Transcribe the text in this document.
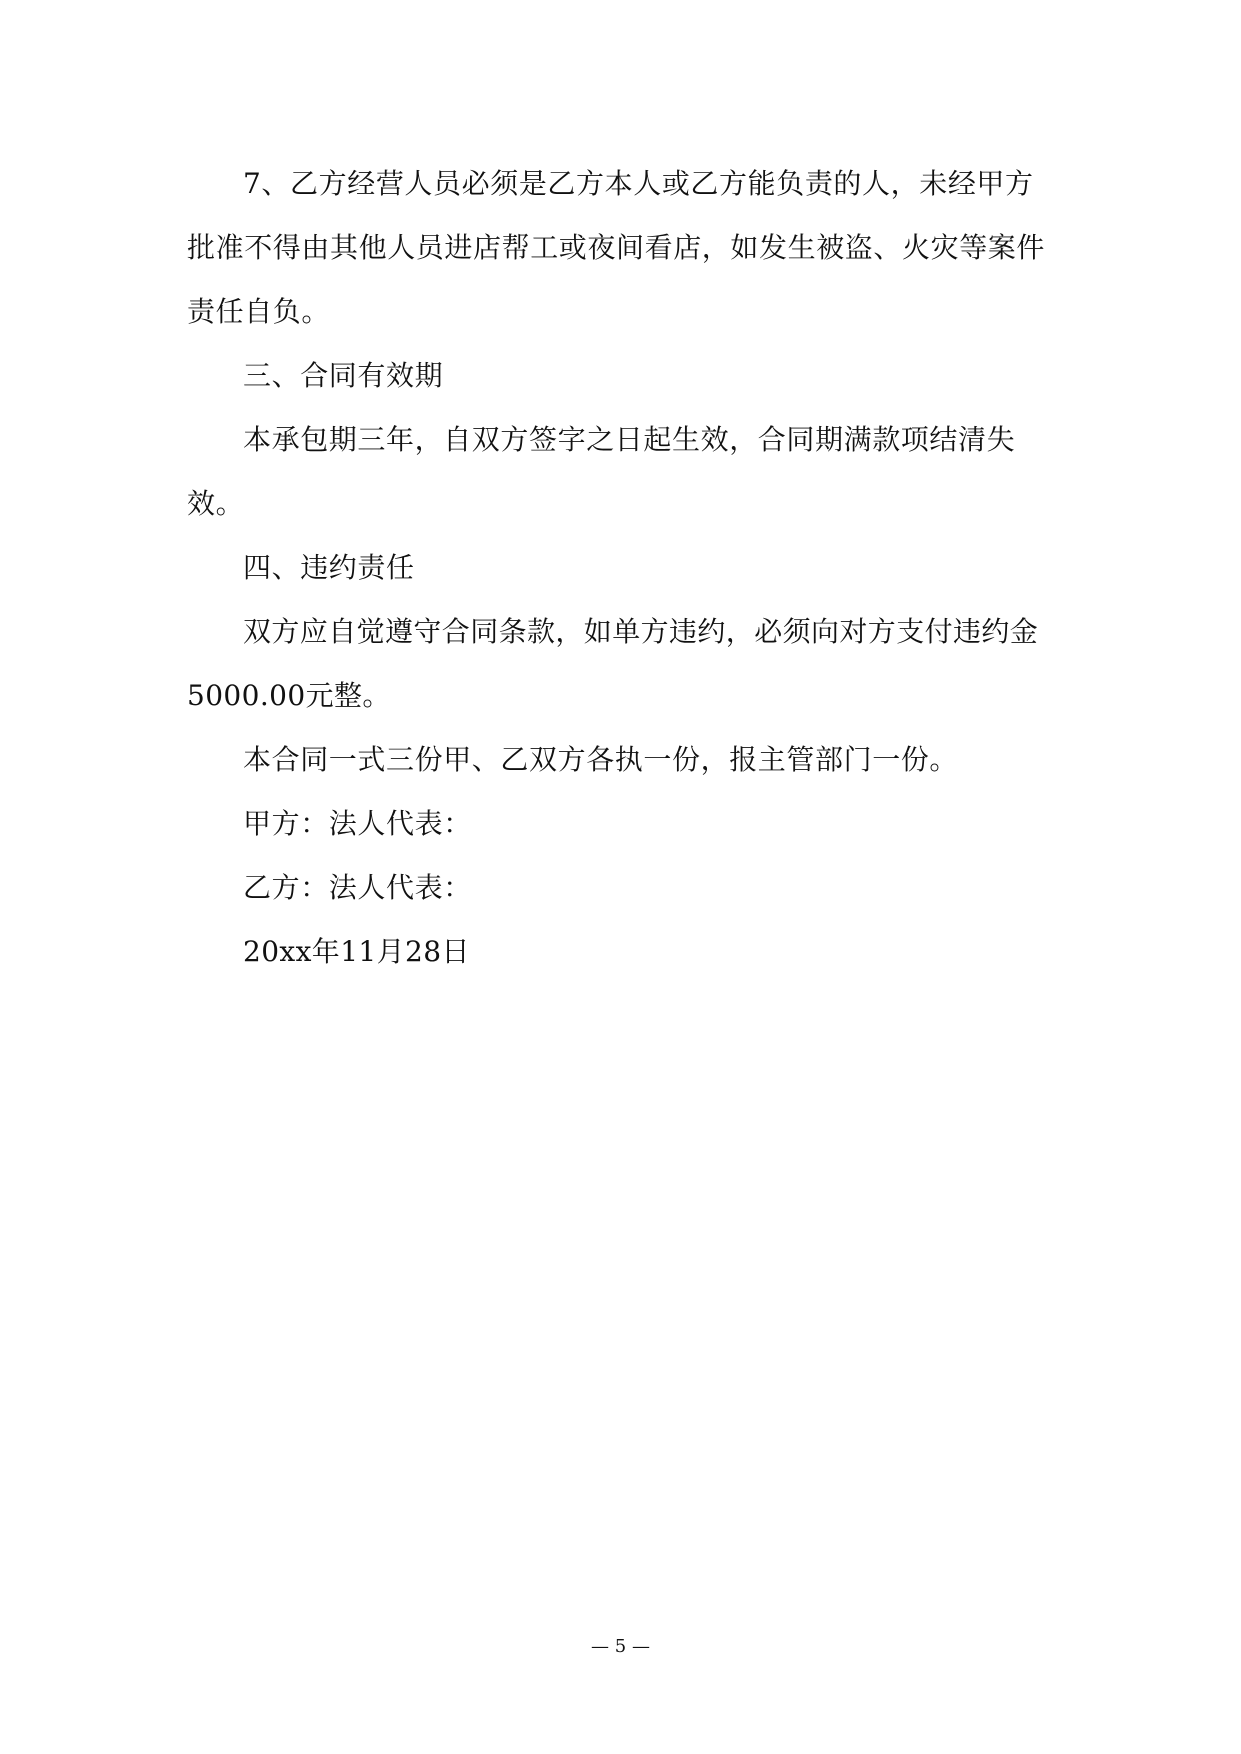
7、乙方经营人员必须是乙方本人或乙方能负责的人，未经甲方批准不得由其他人员进店帮工或夜间看店，如发生被盗、火灾等案件责任自负。

三、合同有效期

本承包期三年，自双方签字之日起生效，合同期满款项结清失效。

四、违约责任

双方应自觉遵守合同条款，如单方违约，必须向对方支付违约金5000.00元整。

本合同一式三份甲、乙双方各执一份，报主管部门一份。

甲方：法人代表：

乙方：法人代表：

20xx年11月28日

— 5 —
